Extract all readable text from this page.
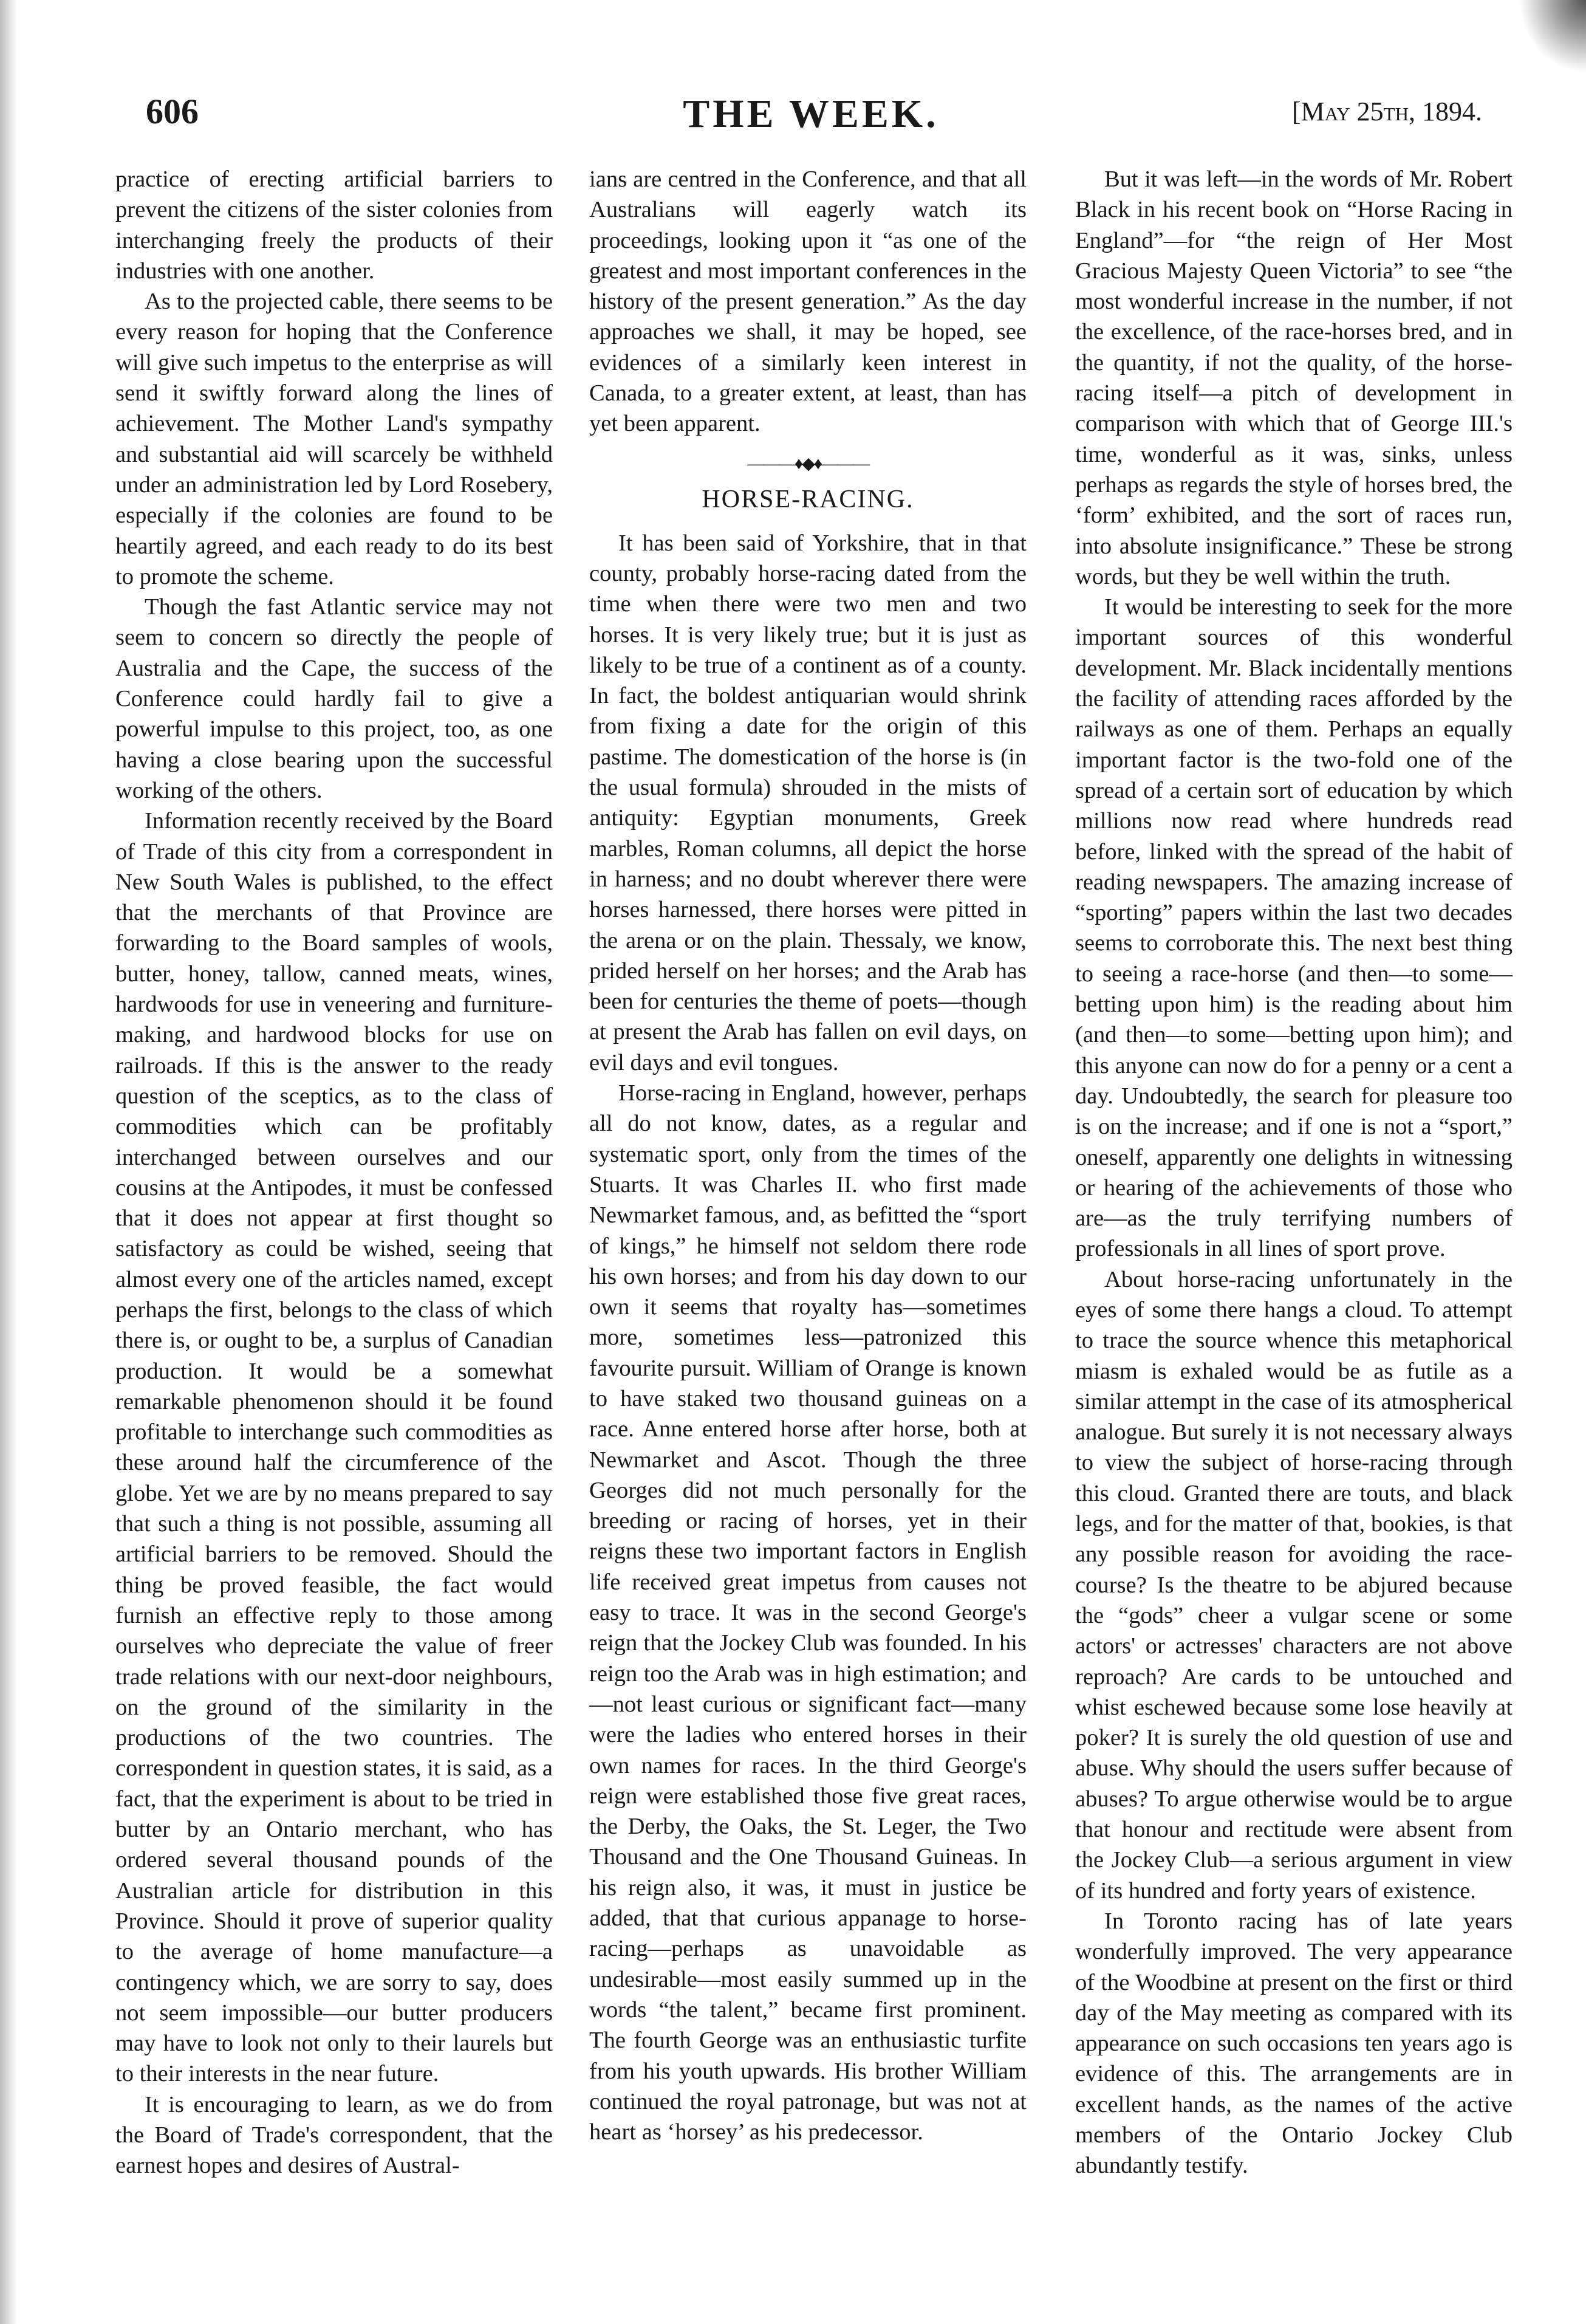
606	THE WEEK.	[May 25th, 1894.

practice of erecting artificial barriers to prevent the citizens of the sister colonies from interchanging freely the products of their industries with one another.

As to the projected cable, there seems to be every reason for hoping that the Conference will give such impetus to the enterprise as will send it swiftly forward along the lines of achievement. The Mother Land's sympathy and substantial aid will scarcely be withheld under an administration led by Lord Rosebery, especially if the colonies are found to be heartily agreed, and each ready to do its best to promote the scheme.

Though the fast Atlantic service may not seem to concern so directly the people of Australia and the Cape, the success of the Conference could hardly fail to give a powerful impulse to this project, too, as one having a close bearing upon the successful working of the others.

Information recently received by the Board of Trade of this city from a correspondent in New South Wales is published, to the effect that the merchants of that Province are forwarding to the Board samples of wools, butter, honey, tallow, canned meats, wines, hardwoods for use in veneering and furniture-making, and hardwood blocks for use on railroads. If this is the answer to the ready question of the sceptics, as to the class of commodities which can be profitably interchanged between ourselves and our cousins at the Antipodes, it must be confessed that it does not appear at first thought so satisfactory as could be wished, seeing that almost every one of the articles named, except perhaps the first, belongs to the class of which there is, or ought to be, a surplus of Canadian production. It would be a somewhat remarkable phenomenon should it be found profitable to interchange such commodities as these around half the circumference of the globe. Yet we are by no means prepared to say that such a thing is not possible, assuming all artificial barriers to be removed. Should the thing be proved feasible, the fact would furnish an effective reply to those among ourselves who depreciate the value of freer trade relations with our next-door neighbours, on the ground of the similarity in the productions of the two countries. The correspondent in question states, it is said, as a fact, that the experiment is about to be tried in butter by an Ontario merchant, who has ordered several thousand pounds of the Australian article for distribution in this Province. Should it prove of superior quality to the average of home manufacture—a contingency which, we are sorry to say, does not seem impossible—our butter producers may have to look not only to their laurels but to their interests in the near future.

It is encouraging to learn, as we do from the Board of Trade's correspondent, that the earnest hopes and desires of Austral-

ians are centred in the Conference, and that all Australians will eagerly watch its proceedings, looking upon it “as one of the greatest and most important conferences in the history of the present generation.” As the day approaches we shall, it may be hoped, see evidences of a similarly keen interest in Canada, to a greater extent, at least, than has yet been apparent.

———♦◆♦———
HORSE-RACING.

It has been said of Yorkshire, that in that county, probably horse-racing dated from the time when there were two men and two horses. It is very likely true; but it is just as likely to be true of a continent as of a county. In fact, the boldest antiquarian would shrink from fixing a date for the origin of this pastime. The domestication of the horse is (in the usual formula) shrouded in the mists of antiquity: Egyptian monuments, Greek marbles, Roman columns, all depict the horse in harness; and no doubt wherever there were horses harnessed, there horses were pitted in the arena or on the plain. Thessaly, we know, prided herself on her horses; and the Arab has been for centuries the theme of poets—though at present the Arab has fallen on evil days, on evil days and evil tongues.

Horse-racing in England, however, perhaps all do not know, dates, as a regular and systematic sport, only from the times of the Stuarts. It was Charles II. who first made Newmarket famous, and, as befitted the “sport of kings,” he himself not seldom there rode his own horses; and from his day down to our own it seems that royalty has—sometimes more, sometimes less—patronized this favourite pursuit. William of Orange is known to have staked two thousand guineas on a race. Anne entered horse after horse, both at Newmarket and Ascot. Though the three Georges did not much personally for the breeding or racing of horses, yet in their reigns these two important factors in English life received great impetus from causes not easy to trace. It was in the second George's reign that the Jockey Club was founded. In his reign too the Arab was in high estimation; and—not least curious or significant fact—many were the ladies who entered horses in their own names for races. In the third George's reign were established those five great races, the Derby, the Oaks, the St. Leger, the Two Thousand and the One Thousand Guineas. In his reign also, it was, it must in justice be added, that that curious appanage to horse-racing—perhaps as unavoidable as undesirable—most easily summed up in the words “the talent,” became first prominent. The fourth George was an enthusiastic turfite from his youth upwards. His brother William continued the royal patronage, but was not at heart as ‘horsey’ as his predecessor.

But it was left—in the words of Mr. Robert Black in his recent book on “Horse Racing in England”—for “the reign of Her Most Gracious Majesty Queen Victoria” to see “the most wonderful increase in the number, if not the excellence, of the race-horses bred, and in the quantity, if not the quality, of the horse-racing itself—a pitch of development in comparison with which that of George III.'s time, wonderful as it was, sinks, unless perhaps as regards the style of horses bred, the ‘form’ exhibited, and the sort of races run, into absolute insignificance.” These be strong words, but they be well within the truth.

It would be interesting to seek for the more important sources of this wonderful development. Mr. Black incidentally mentions the facility of attending races afforded by the railways as one of them. Perhaps an equally important factor is the two-fold one of the spread of a certain sort of education by which millions now read where hundreds read before, linked with the spread of the habit of reading newspapers. The amazing increase of “sporting” papers within the last two decades seems to corroborate this. The next best thing to seeing a race-horse (and then—to some—betting upon him) is the reading about him (and then—to some—betting upon him); and this anyone can now do for a penny or a cent a day. Undoubtedly, the search for pleasure too is on the increase; and if one is not a “sport,” oneself, apparently one delights in witnessing or hearing of the achievements of those who are—as the truly terrifying numbers of professionals in all lines of sport prove.

About horse-racing unfortunately in the eyes of some there hangs a cloud. To attempt to trace the source whence this metaphorical miasm is exhaled would be as futile as a similar attempt in the case of its atmospherical analogue. But surely it is not necessary always to view the subject of horse-racing through this cloud. Granted there are touts, and black legs, and for the matter of that, bookies, is that any possible reason for avoiding the race-course? Is the theatre to be abjured because the “gods” cheer a vulgar scene or some actors' or actresses' characters are not above reproach? Are cards to be untouched and whist eschewed because some lose heavily at poker? It is surely the old question of use and abuse. Why should the users suffer because of abuses? To argue otherwise would be to argue that honour and rectitude were absent from the Jockey Club—a serious argument in view of its hundred and forty years of existence.

In Toronto racing has of late years wonderfully improved. The very appearance of the Woodbine at present on the first or third day of the May meeting as compared with its appearance on such occasions ten years ago is evidence of this. The arrangements are in excellent hands, as the names of the active members of the Ontario Jockey Club abundantly testify.
